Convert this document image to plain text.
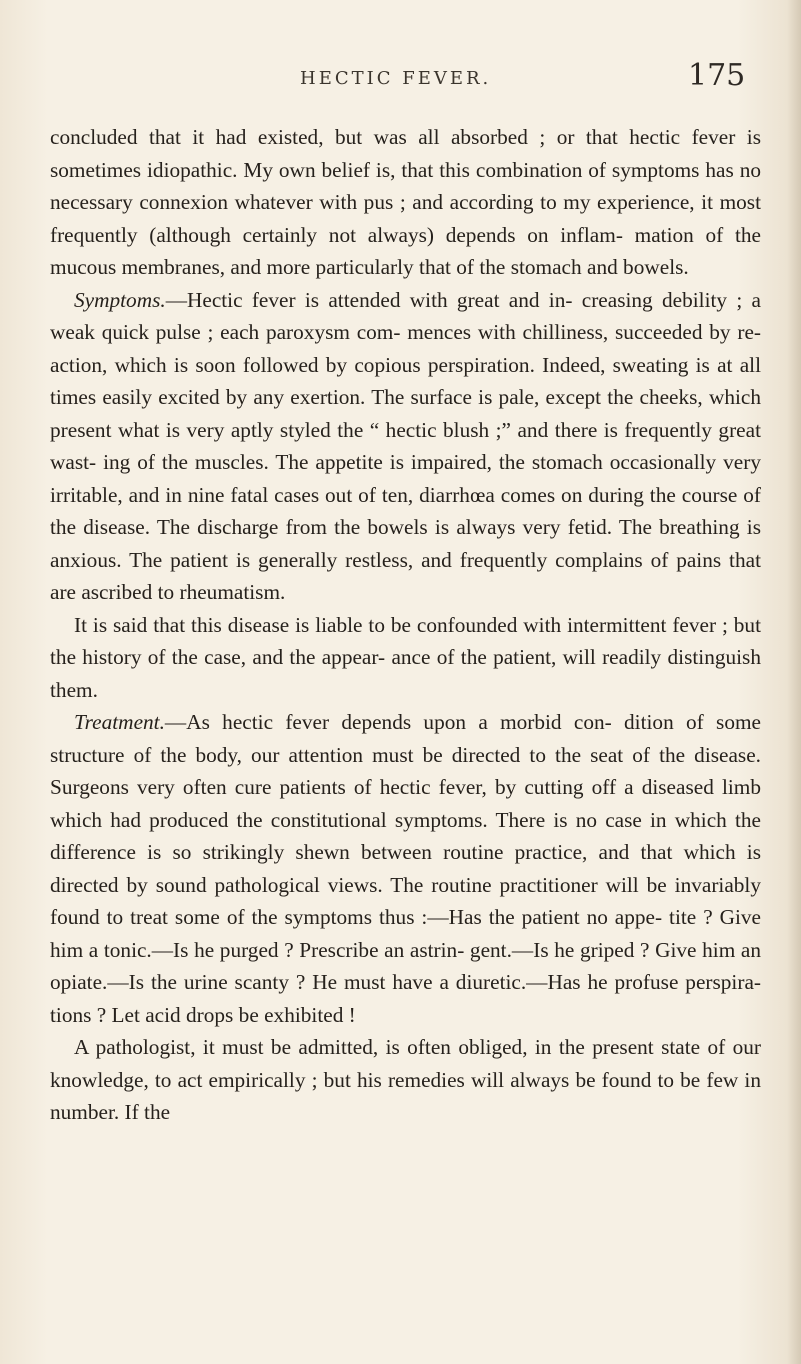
HECTIC FEVER.	175

concluded that it had existed, but was all absorbed ; or that hectic fever is sometimes idiopathic. My own belief is, that this combination of symptoms has no necessary connexion whatever with pus ; and according to my experience, it most frequently (although certainly not always) depends on inflam- mation of the mucous membranes, and more particularly that of the stomach and bowels.

Symptoms.—Hectic fever is attended with great and in- creasing debility ; a weak quick pulse ; each paroxysm com- mences with chilliness, succeeded by re-action, which is soon followed by copious perspiration. Indeed, sweating is at all times easily excited by any exertion. The surface is pale, except the cheeks, which present what is very aptly styled the “ hectic blush ;” and there is frequently great wast- ing of the muscles. The appetite is impaired, the stomach occasionally very irritable, and in nine fatal cases out of ten, diarrhœa comes on during the course of the disease. The discharge from the bowels is always very fetid. The breathing is anxious. The patient is generally restless, and frequently complains of pains that are ascribed to rheumatism.

It is said that this disease is liable to be confounded with intermittent fever ; but the history of the case, and the appear- ance of the patient, will readily distinguish them.

Treatment.—As hectic fever depends upon a morbid con- dition of some structure of the body, our attention must be directed to the seat of the disease. Surgeons very often cure patients of hectic fever, by cutting off a diseased limb which had produced the constitutional symptoms. There is no case in which the difference is so strikingly shewn between routine practice, and that which is directed by sound pathological views. The routine practitioner will be invariably found to treat some of the symptoms thus :—Has the patient no appe- tite ? Give him a tonic.—Is he purged ? Prescribe an astrin- gent.—Is he griped ? Give him an opiate.—Is the urine scanty ? He must have a diuretic.—Has he profuse perspira- tions ? Let acid drops be exhibited !

A pathologist, it must be admitted, is often obliged, in the present state of our knowledge, to act empirically ; but his remedies will always be found to be few in number. If the
